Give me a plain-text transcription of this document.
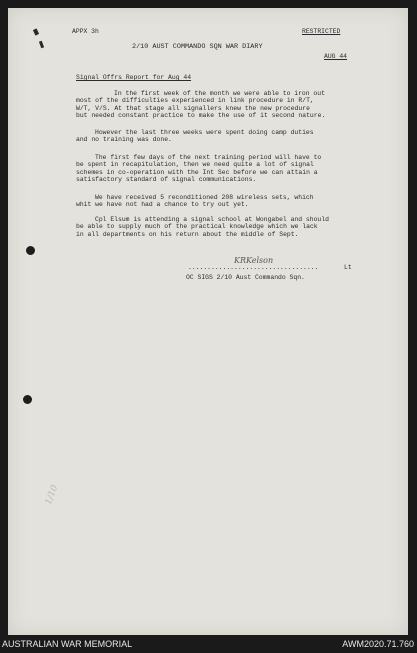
APPX 3h	RESTRICTED
2/10 AUST COMMANDO SQN WAR DIARY
AUG 44
Signal Offrs Report for Aug 44
In the first week of the month we were able to iron out
most of the difficulties experienced in link procedure in R/T,
W/T, V/S. At that stage all signallers knew the new procedure
but needed constant practice to make the use of it second nature.
However the last three weeks were spent doing camp duties
and no training was done.
The first few days of the next training period will have to
be spent in recapitulation, then we need quite a lot of signal
schemes in co-operation with the Int Sec before we can attain a
satisfactory standard of signal communications.
We have received 5 reconditioned 208 wireless sets, which
whit we have not had a chance to try out yet.
Cpl Elsum is attending a signal school at Wongabel and should
be able to supply much of the practical knowledge which we lack
in all departments on his return about the middle of Sept.
KRKelson
..................................	Lt
OC SIGS 2/10 Aust Commando Sqn.
1/10
AUSTRALIAN WAR MEMORIAL	AWM2020.71.760
